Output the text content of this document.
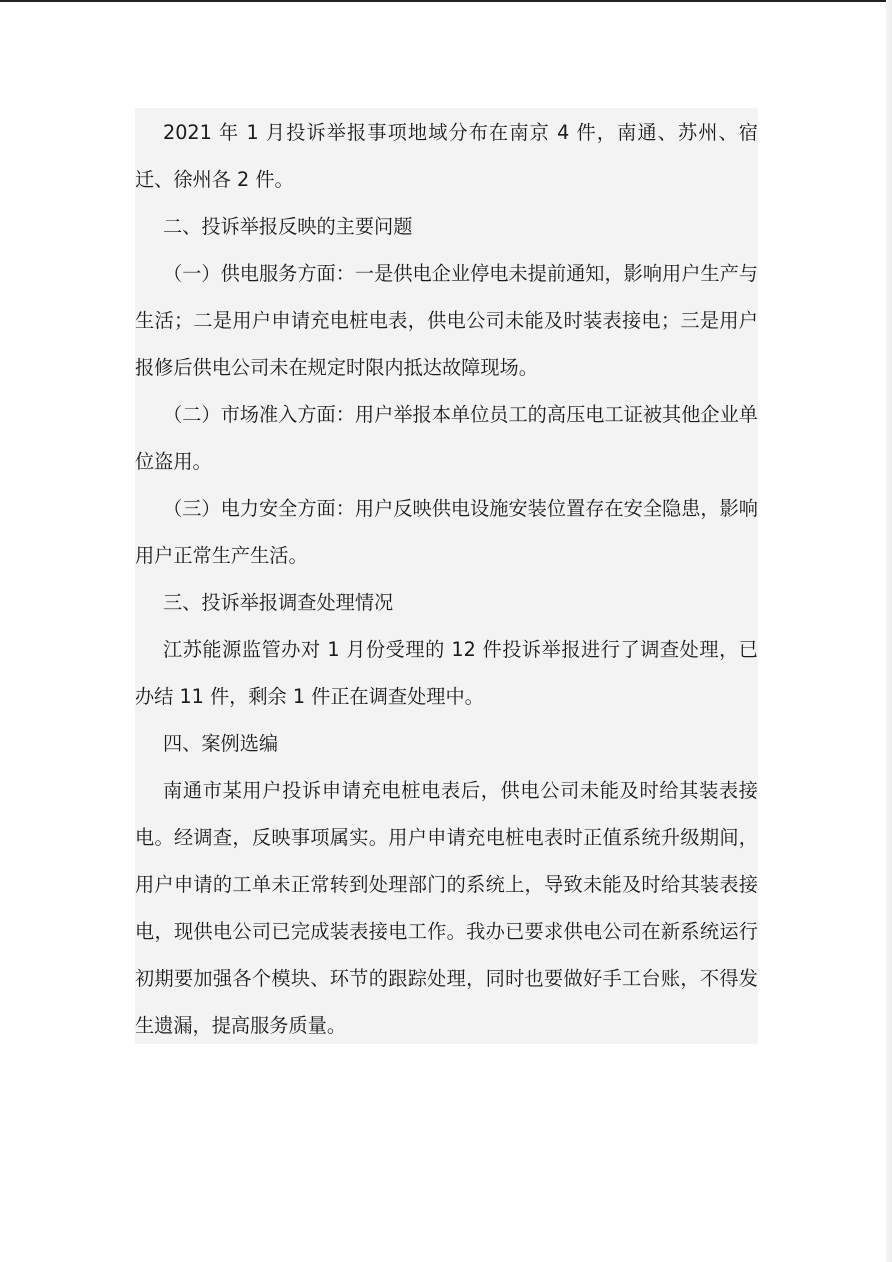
2021 年 1 月投诉举报事项地域分布在南京 4 件，南通、苏州、宿迁、徐州各 2 件。

二、投诉举报反映的主要问题

（一）供电服务方面：一是供电企业停电未提前通知，影响用户生产与生活；二是用户申请充电桩电表，供电公司未能及时装表接电；三是用户报修后供电公司未在规定时限内抵达故障现场。

（二）市场准入方面：用户举报本单位员工的高压电工证被其他企业单位盗用。

（三）电力安全方面：用户反映供电设施安装位置存在安全隐患，影响用户正常生产生活。

三、投诉举报调查处理情况

江苏能源监管办对 1 月份受理的 12 件投诉举报进行了调查处理，已办结 11 件，剩余 1 件正在调查处理中。

四、案例选编

南通市某用户投诉申请充电桩电表后，供电公司未能及时给其装表接电。经调查，反映事项属实。用户申请充电桩电表时正值系统升级期间，用户申请的工单未正常转到处理部门的系统上，导致未能及时给其装表接电，现供电公司已完成装表接电工作。我办已要求供电公司在新系统运行初期要加强各个模块、环节的跟踪处理，同时也要做好手工台账，不得发生遗漏，提高服务质量。
